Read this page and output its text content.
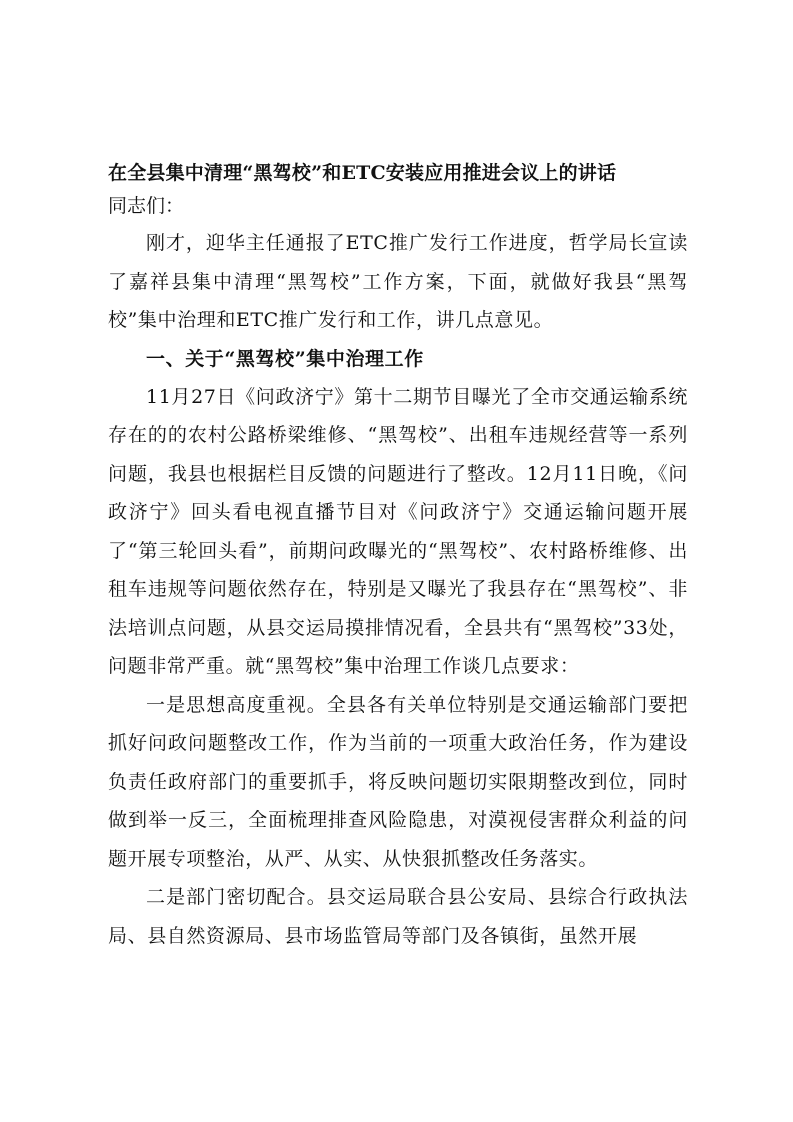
在全县集中清理“黑驾校”和ETC安装应用推进会议上的讲话

同志们：

刚才，迎华主任通报了ETC推广发行工作进度，哲学局长宣读了嘉祥县集中清理“黑驾校”工作方案，下面，就做好我县“黑驾校”集中治理和ETC推广发行和工作，讲几点意见。

一、关于“黑驾校”集中治理工作

11月27日《问政济宁》第十二期节目曝光了全市交通运输系统存在的的农村公路桥梁维修、“黑驾校”、出租车违规经营等一系列问题，我县也根据栏目反馈的问题进行了整改。12月11日晚，《问政济宁》回头看电视直播节目对《问政济宁》交通运输问题开展了“第三轮回头看”，前期问政曝光的“黑驾校”、农村路桥维修、出租车违规等问题依然存在，特别是又曝光了我县存在“黑驾校”、非法培训点问题，从县交运局摸排情况看，全县共有“黑驾校”33处，问题非常严重。就“黑驾校”集中治理工作谈几点要求：

一是思想高度重视。全县各有关单位特别是交通运输部门要把抓好问政问题整改工作，作为当前的一项重大政治任务，作为建设负责任政府部门的重要抓手，将反映问题切实限期整改到位，同时做到举一反三，全面梳理排查风险隐患，对漠视侵害群众利益的问题开展专项整治，从严、从实、从快狠抓整改任务落实。

二是部门密切配合。县交运局联合县公安局、县综合行政执法局、县自然资源局、县市场监管局等部门及各镇街，虽然开展
